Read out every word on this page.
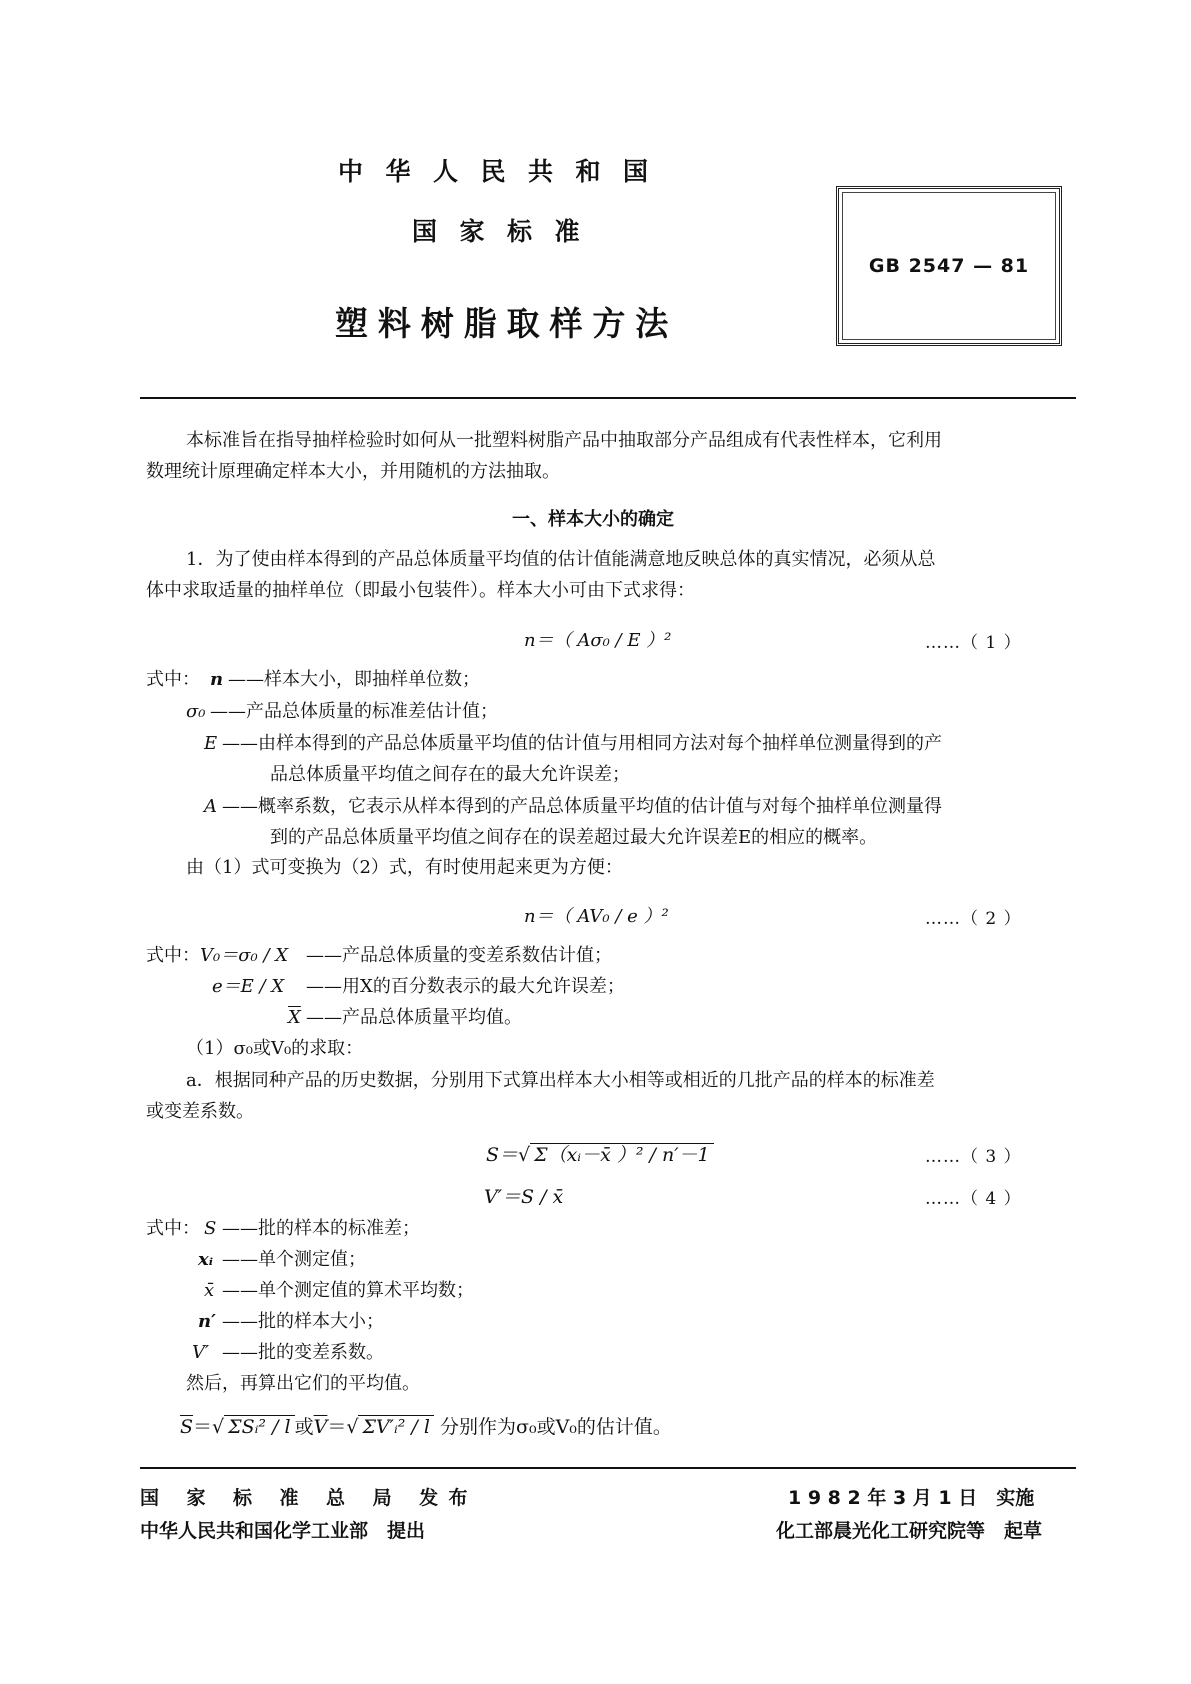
中华人民共和国
国家标准
塑料树脂取样方法
GB 2547 — 81
本标准旨在指导抽样检验时如何从一批塑料树脂产品中抽取部分产品组成有代表性样本，它利用
数理统计原理确定样本大小，并用随机的方法抽取。
一、样本大小的确定
1．为了使由样本得到的产品总体质量平均值的估计值能满意地反映总体的真实情况，必须从总
体中求取适量的抽样单位（即最小包装件）。样本大小可由下式求得：
n＝（ Aσ₀ / E ）²	……（ 1 ）
式中： n ——样本大小，即抽样单位数；
σ₀ ——产品总体质量的标准差估计值；
E ——由样本得到的产品总体质量平均值的估计值与用相同方法对每个抽样单位测量得到的产
品总体质量平均值之间存在的最大允许误差；
A ——概率系数，它表示从样本得到的产品总体质量平均值的估计值与对每个抽样单位测量得
到的产品总体质量平均值之间存在的误差超过最大允许误差E的相应的概率。
由（1）式可变换为（2）式，有时使用起来更为方便：
n＝（ AV₀ / e ）²	……（ 2 ）
式中： V₀＝σ₀ / X ——产品总体质量的变差系数估计值；
e＝E / X ——用X的百分数表示的最大允许误差；
$\overline{X}$ ——产品总体质量平均值。
（1）σ₀或V₀的求取：
a．根据同种产品的历史数据，分别用下式算出样本大小相等或相近的几批产品的样本的标准差
或变差系数。
S＝√ Σ（xᵢ－x̄ ）² / n′－1	……（ 3 ）
V′＝S / x̄	……（ 4 ）
式中： S ——批的样本的标准差；
xᵢ ——单个测定值；
x̄ ——单个测定值的算术平均数；
n′ ——批的样本大小；
V′ ——批的变差系数。
然后，再算出它们的平均值。
$\overline{S}=√$ ΣSᵢ² / l 或$\overline{V}=√$ ΣV′ᵢ² / l 分别作为σ₀或V₀的估计值。
国 家 标 准 总 局 发布
中华人民共和国化学工业部　提出
1 9 8 2 年 3 月 1 日　实施
化工部晨光化工研究院等　起草
